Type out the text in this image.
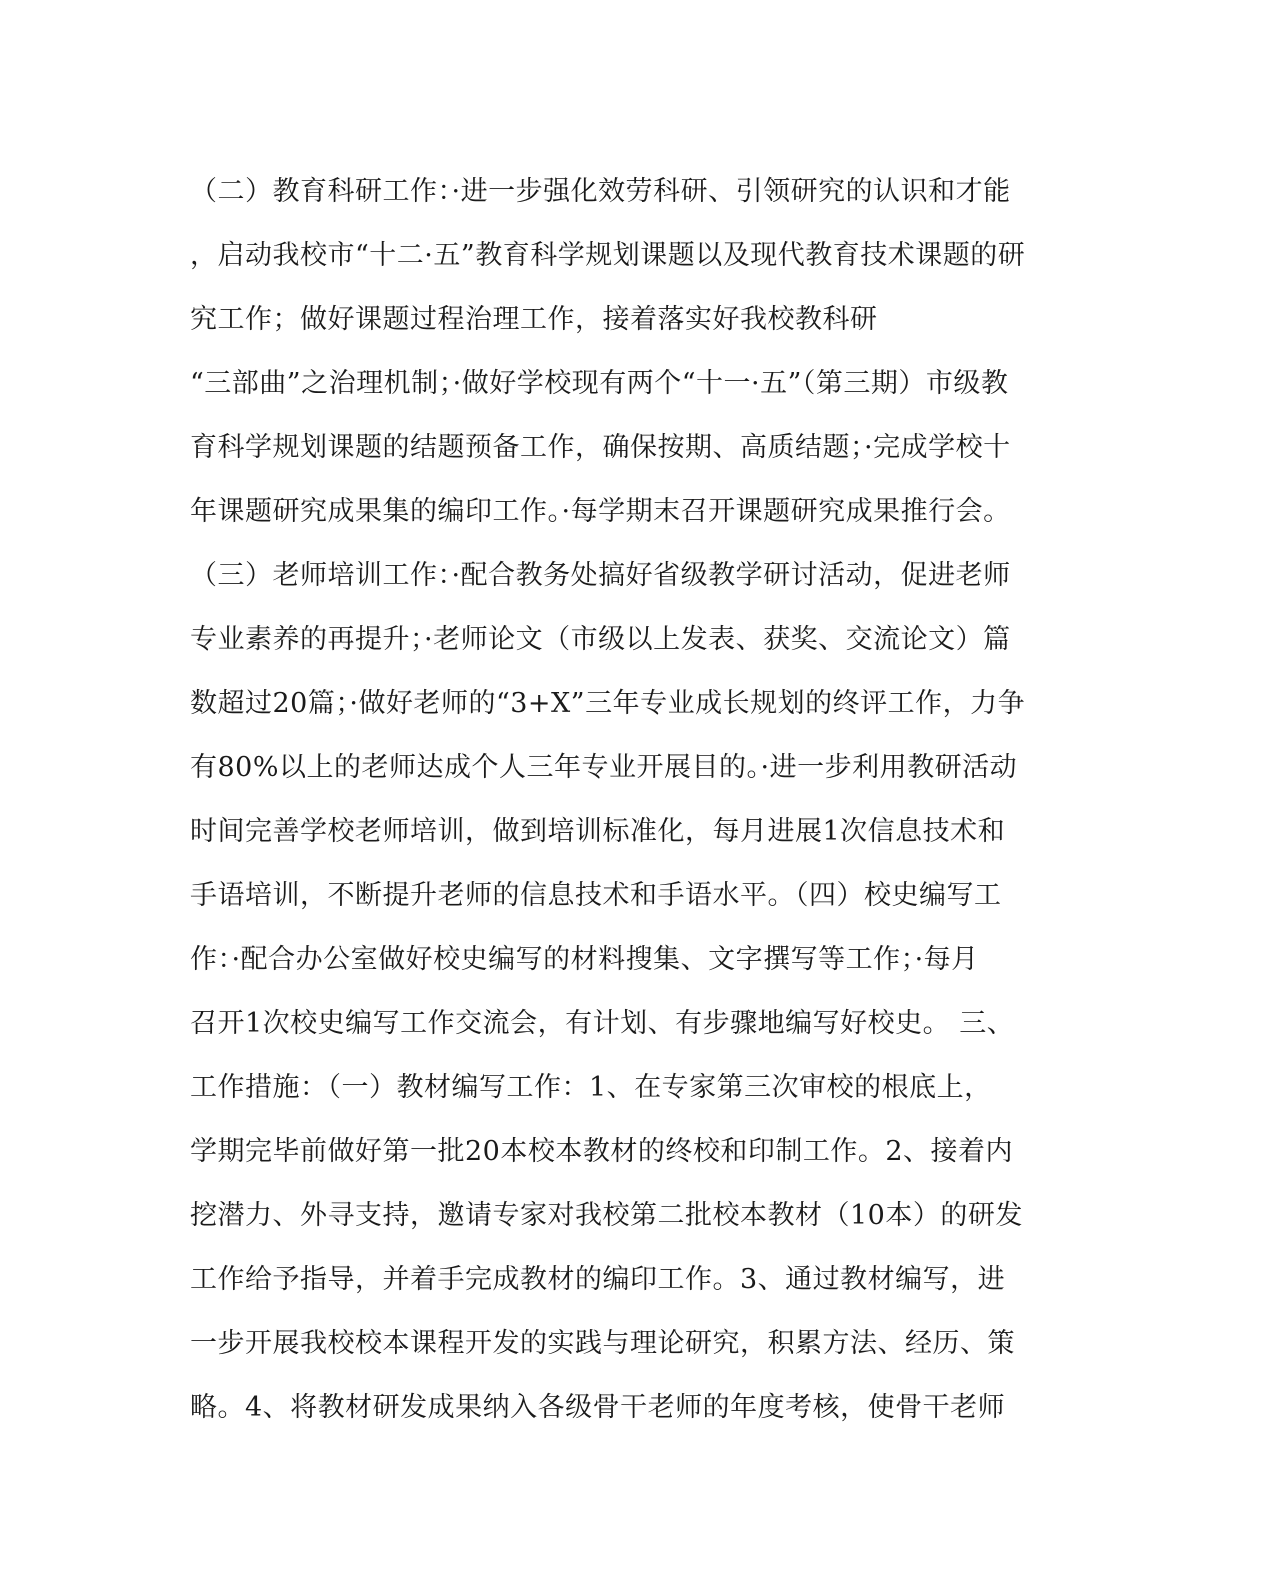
（二）教育科研工作：·进一步强化效劳科研、引领研究的认识和才能
，启动我校市“十二·五”教育科学规划课题以及现代教育技术课题的研
究工作；做好课题过程治理工作，接着落实好我校教科研
“三部曲”之治理机制；·做好学校现有两个“十一·五”（第三期）市级教
育科学规划课题的结题预备工作，确保按期、高质结题；·完成学校十
年课题研究成果集的编印工作。·每学期末召开课题研究成果推行会。
（三）老师培训工作：·配合教务处搞好省级教学研讨活动，促进老师
专业素养的再提升；·老师论文（市级以上发表、获奖、交流论文）篇
数超过20篇；·做好老师的“3+X”三年专业成长规划的终评工作，力争
有80%以上的老师达成个人三年专业开展目的。·进一步利用教研活动
时间完善学校老师培训，做到培训标准化，每月进展1次信息技术和
手语培训，不断提升老师的信息技术和手语水平。（四）校史编写工
作：·配合办公室做好校史编写的材料搜集、文字撰写等工作；·每月
召开1次校史编写工作交流会，有计划、有步骤地编写好校史。 三、
工作措施：（一）教材编写工作：1、在专家第三次审校的根底上，
学期完毕前做好第一批20本校本教材的终校和印制工作。2、接着内
挖潜力、外寻支持，邀请专家对我校第二批校本教材（10本）的研发
工作给予指导，并着手完成教材的编印工作。3、通过教材编写，进
一步开展我校校本课程开发的实践与理论研究，积累方法、经历、策
略。4、将教材研发成果纳入各级骨干老师的年度考核，使骨干老师
